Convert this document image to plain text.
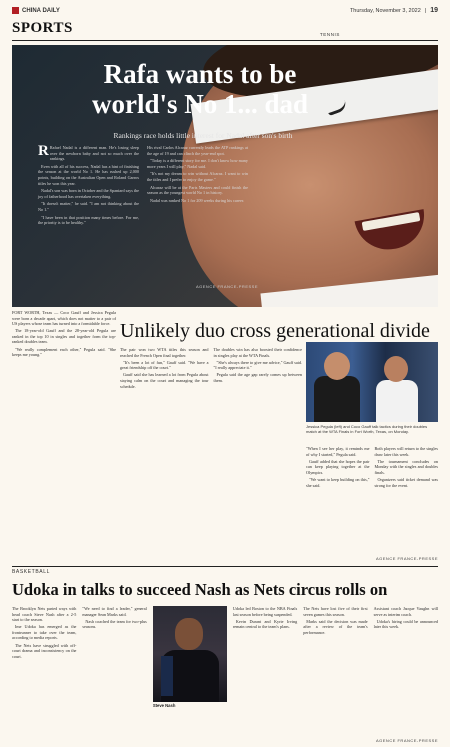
CHINA DAILY	Thursday, November 3, 2022 | 19
SPORTS	TENNIS
Rafa wants to be world's No 1... dad
Rankings race holds little interest for Nadal after son's birth

R Rafael Nadal is a different man. He's losing sleep over the newborn baby and not so much over the rankings.

Even with all of his success, Nadal has a hint of finishing the season at the world No 1. He has rushed up 2,000 points, building on the Australian Open and Roland Garros titles he won this year.

Nadal's son was born in October and the Spaniard says the joy of fatherhood has overtaken everything.

"It doesn't matter," he said. "I am not thinking about the No 1."

"I have been in that position many times before. For me, the priority is to be healthy."

His rival Carlos Alcaraz currently leads the ATP rankings at the age of 19 and can clinch the year-end spot.

"Today is a different story for me. I don't know how many more years I will play," Nadal said.

"It's not my dream to win without Alcaraz. I want to win the titles and I prefer to enjoy the game."

Alcaraz will be at the Paris Masters and could finish the season as the youngest world No 1 in history.

Nadal was ranked No 1 for 209 weeks during his career.

AGENCE FRANCE-PRESSE

FORT WORTH, Texas — Coco Gauff and Jessica Pegula were born a decade apart, which does not matter to a pair of US players whose team has turned into a formidable force.

The 18-year-old Gauff and the 28-year-old Pegula are ranked in the top 10 in singles and together form the top-ranked doubles team.

"We really complement each other," Pegula said. "She keeps me young."

Unlikely duo cross generational divide

The pair won two WTA titles this season and reached the French Open final together.

"It's been a lot of fun," Gauff said. "We have a great friendship off the court."

Gauff said she has learned a lot from Pegula about staying calm on the court and managing the tour schedule.

The doubles win has also boosted their confidence in singles play at the WTA Finals.

"She's always there to give me advice," Gauff said. "I really appreciate it."

Pegula said the age gap rarely comes up between them.

Jessica Pegula (left) and Coco Gauff talk tactics during their doubles match at the WTA Finals in Fort Worth, Texas, on Monday.

"When I see her play, it reminds me of why I started," Pegula said.

Gauff added that she hopes the pair can keep playing together at the Olympics.

"We want to keep building on this," she said.

Both players will return to the singles draw later this week.

The tournament concludes on Monday with the singles and doubles finals.

Organizers said ticket demand was strong for the event.

AGENCE FRANCE-PRESSE
BASKETBALL
Udoka in talks to succeed Nash as Nets circus rolls on

The Brooklyn Nets parted ways with head coach Steve Nash after a 2-5 start to the season.

Ime Udoka has emerged as the frontrunner to take over the team, according to media reports.

The Nets have struggled with off-court drama and inconsistency on the court.

"We need to find a leader," general manager Sean Marks said.

Nash coached the team for two-plus seasons.

Steve Nash

Udoka led Boston to the NBA Finals last season before being suspended.

Kevin Durant and Kyrie Irving remain central to the team's plans.

The Nets have lost five of their first seven games this season.

Marks said the decision was made after a review of the team's performance.

Assistant coach Jacque Vaughn will serve as interim coach.

Udoka's hiring could be announced later this week.

AGENCE FRANCE-PRESSE
